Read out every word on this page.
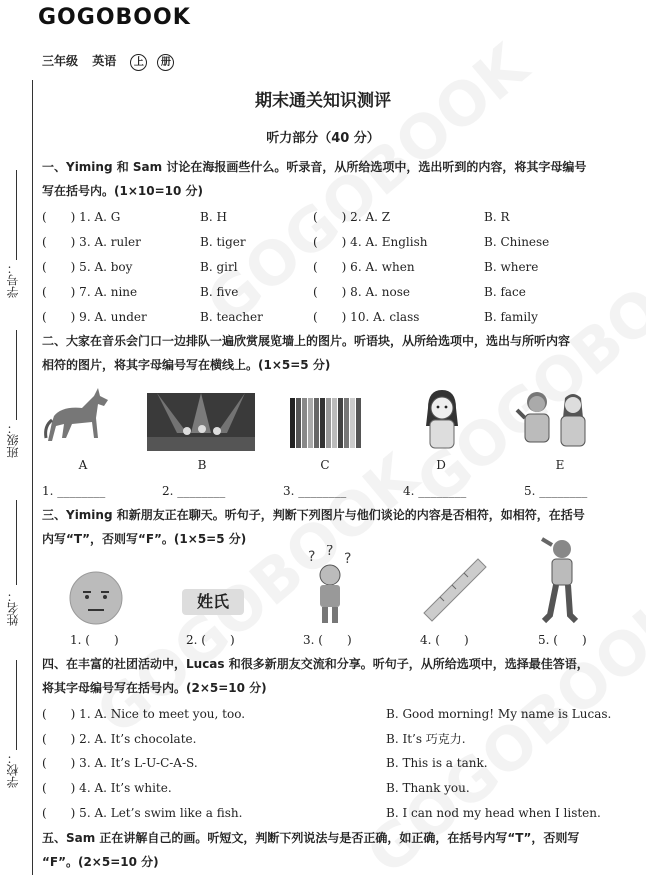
GOGOBOOK
三年级 英语 上 册
学号：
班级：
姓名：
学校：
期末通关知识测评
听力部分（40 分）
一、Yiming 和 Sam 讨论在海报画些什么。听录音，从所给选项中，选出听到的内容，将其字母编号
写在括号内。(1×10=10 分)
(　　) 1. A. G	B. H	(　　) 2. A. Z	B. R
(　　) 3. A. ruler	B. tiger	(　　) 4. A. English	B. Chinese
(　　) 5. A. boy	B. girl	(　　) 6. A. when	B. where
(　　) 7. A. nine	B. five	(　　) 8. A. nose	B. face
(　　) 9. A. under	B. teacher	(　　) 10. A. class	B. family
二、大家在音乐会门口一边排队一遍欣赏展览墙上的图片。听语块，从所给选项中，选出与所听内容
相符的图片，将其字母编号写在横线上。(1×5=5 分)
A	B	C	D	E
1. ________	2. ________	3. ________	4. ________	5. ________
三、Yiming 和新朋友正在聊天。听句子，判断下列图片与他们谈论的内容是否相符，如相符，在括号
内写“T”，否则写“F”。(1×5=5 分)
姓氏
? ? ?
1. (　　)	2. (　　)	3. (　　)	4. (　　)	5. (　　)
四、在丰富的社团活动中，Lucas 和很多新朋友交流和分享。听句子，从所给选项中，选择最佳答语，
将其字母编号写在括号内。(2×5=10 分)
(　　) 1. A. Nice to meet you, too.	B. Good morning! My name is Lucas.
(　　) 2. A. It’s chocolate.	B. It’s 巧克力.
(　　) 3. A. It’s L-U-C-A-S.	B. This is a tank.
(　　) 4. A. It’s white.	B. Thank you.
(　　) 5. A. Let’s swim like a fish.	B. I can nod my head when I listen.
五、Sam 正在讲解自己的画。听短文，判断下列说法与是否正确，如正确，在括号内写“T”，否则写
“F”。(2×5=10 分)
